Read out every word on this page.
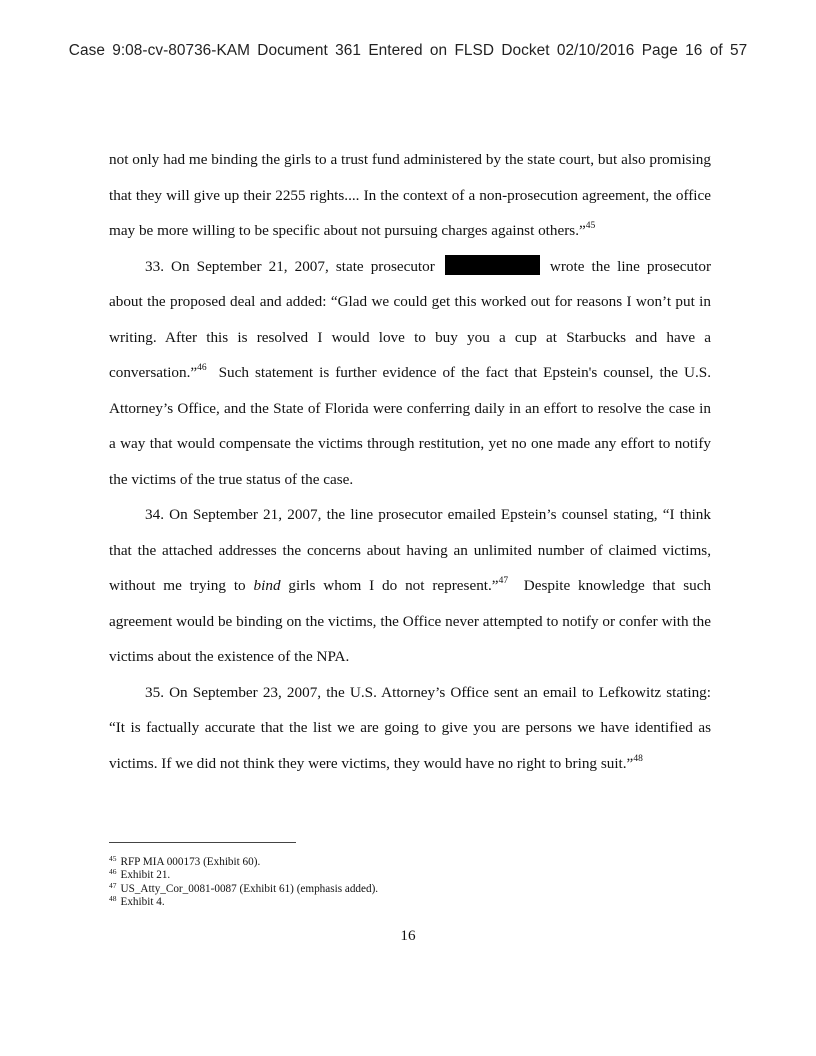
Case 9:08-cv-80736-KAM Document 361 Entered on FLSD Docket 02/10/2016 Page 16 of 57

not only had me binding the girls to a trust fund administered by the state court, but also promising that they will give up their 2255 rights.... In the context of a non-prosecution agreement, the office may be more willing to be specific about not pursuing charges against others.”$^{45}$

33. On September 21, 2007, state prosecutor	wrote the line prosecutor about the proposed deal and added: “Glad we could get this worked out for reasons I won’t put in writing. After this is resolved I would love to buy you a cup at Starbucks and have a conversation.”$^{46}$ Such statement is further evidence of the fact that Epstein's counsel, the U.S. Attorney’s Office, and the State of Florida were conferring daily in an effort to resolve the case in a way that would compensate the victims through restitution, yet no one made any effort to notify the victims of the true status of the case.

34. On September 21, 2007, the line prosecutor emailed Epstein’s counsel stating, “I think that the attached addresses the concerns about having an unlimited number of claimed victims, without me trying to bind girls whom I do not represent.”$^{47}$ Despite knowledge that such agreement would be binding on the victims, the Office never attempted to notify or confer with the victims about the existence of the NPA.

35. On September 23, 2007, the U.S. Attorney’s Office sent an email to Lefkowitz stating: “It is factually accurate that the list we are going to give you are persons we have identified as victims. If we did not think they were victims, they would have no right to bring suit.”$^{48}$

$^{45}$ RFP MIA 000173 (Exhibit 60).
$^{46}$ Exhibit 21.
$^{47}$ US_Atty_Cor_0081-0087 (Exhibit 61) (emphasis added).
$^{48}$ Exhibit 4.
16
